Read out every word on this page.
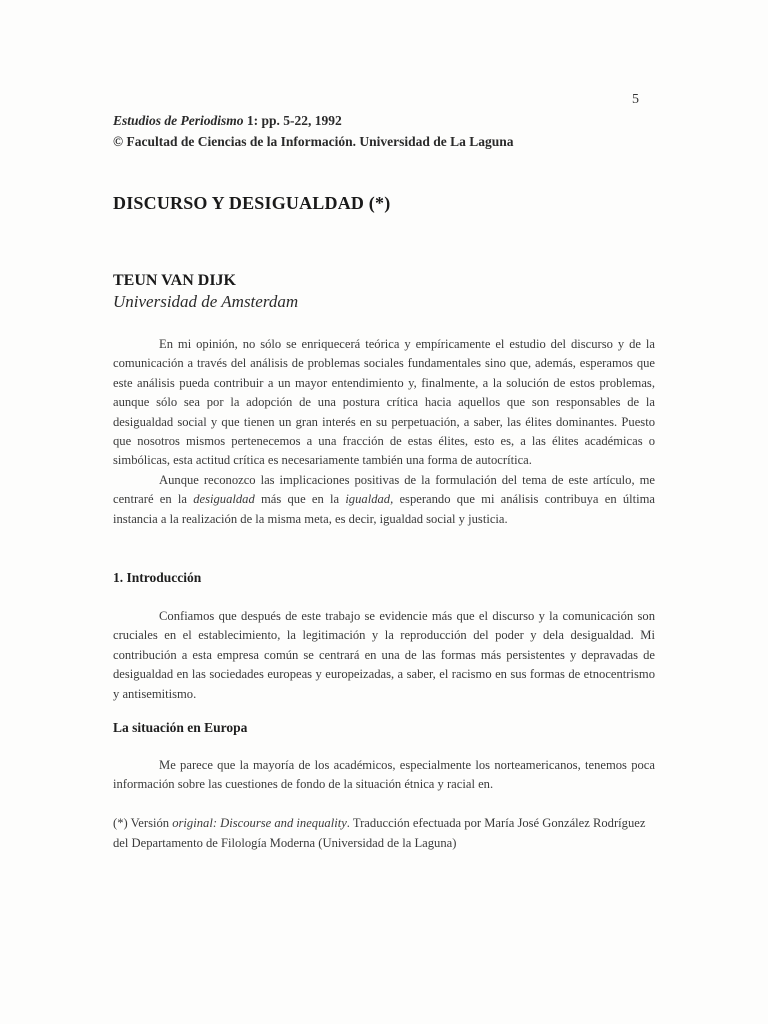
5
Estudios de Periodismo 1: pp. 5-22, 1992
© Facultad de Ciencias de la Información. Universidad de La Laguna
DISCURSO Y DESIGUALDAD (*)
TEUN VAN DIJK
Universidad de Amsterdam

En mi opinión, no sólo se enriquecerá teórica y empíricamente el estudio del discurso y de la comunicación a través del análisis de problemas sociales fundamentales sino que, además, esperamos que este análisis pueda contribuir a un mayor entendimiento y, finalmente, a la solución de estos problemas, aunque sólo sea por la adopción de una postura crítica hacia aquellos que son responsables de la desigualdad social y que tienen un gran interés en su perpetuación, a saber, las élites dominantes. Puesto que nosotros mismos pertenecemos a una fracción de estas élites, esto es, a las élites académicas o simbólicas, esta actitud crítica es necesariamente también una forma de autocrítica.

Aunque reconozco las implicaciones positivas de la formulación del tema de este artículo, me centraré en la desigualdad más que en la igualdad, esperando que mi análisis contribuya en última instancia a la realización de la misma meta, es decir, igualdad social y justicia.

1. Introducción

Confiamos que después de este trabajo se evidencie más que el discurso y la comunicación son cruciales en el establecimiento, la legitimación y la reproducción del poder y dela desigualdad. Mi contribución a esta empresa común se centrará en una de las formas más persistentes y depravadas de desigualdad en las sociedades europeas y europeizadas, a saber, el racismo en sus formas de etnocentrismo y antisemitismo.

La situación en Europa

Me parece que la mayoría de los académicos, especialmente los norteamericanos, tenemos poca información sobre las cuestiones de fondo de la situación étnica y racial en.

(*) Versión original: Discourse and inequality. Traducción efectuada por María José González Rodríguez del Departamento de Filología Moderna (Universidad de la Laguna)
